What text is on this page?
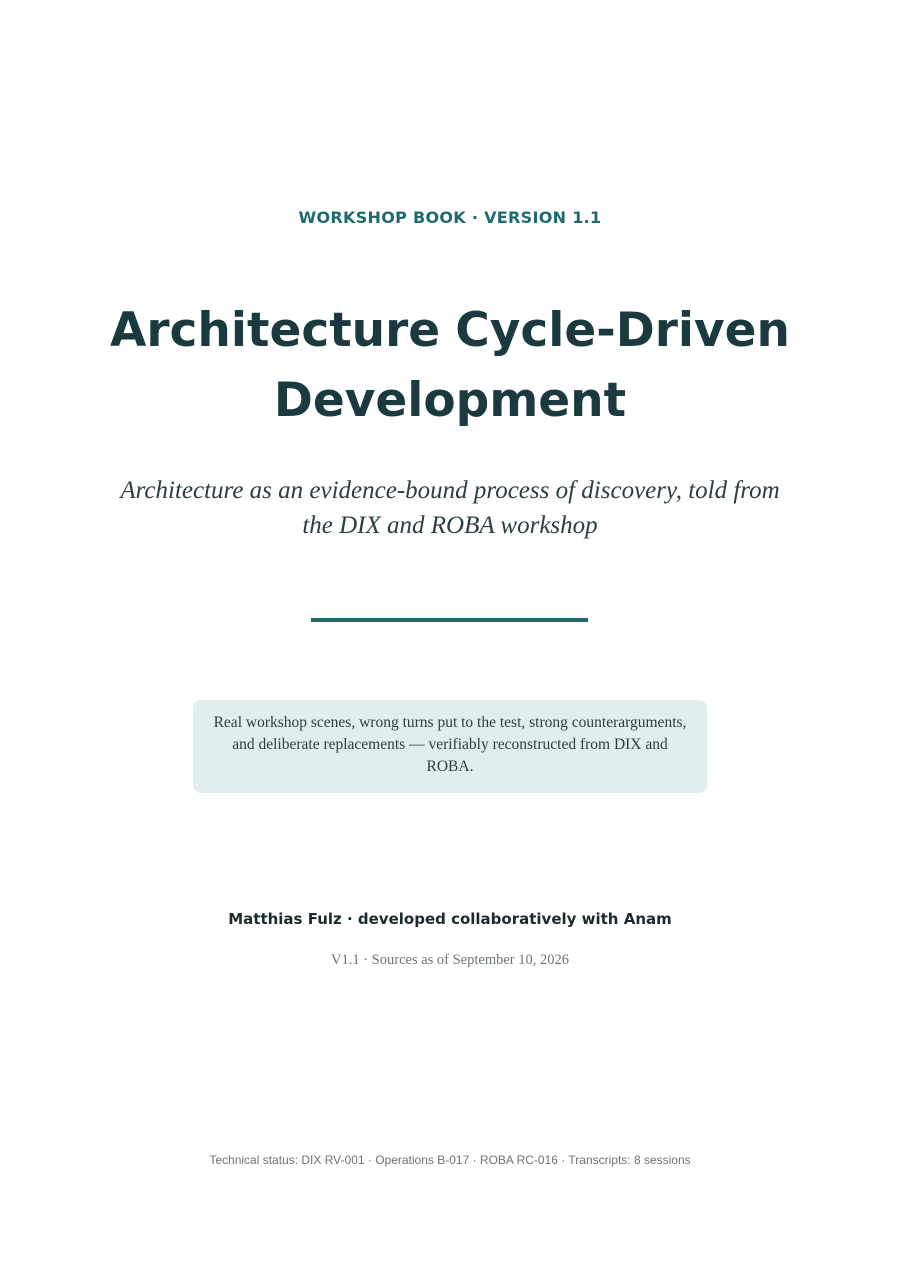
WORKSHOP BOOK · VERSION 1.1
Architecture Cycle-Driven
Development
Architecture as an evidence-bound process of discovery, told from the DIX and ROBA workshop
Real workshop scenes, wrong turns put to the test, strong counterarguments, and deliberate replacements — verifiably reconstructed from DIX and ROBA.
Matthias Fulz · developed collaboratively with Anam
V1.1 · Sources as of September 10, 2026
Technical status: DIX RV-001 · Operations B-017 · ROBA RC-016 · Transcripts: 8 sessions
